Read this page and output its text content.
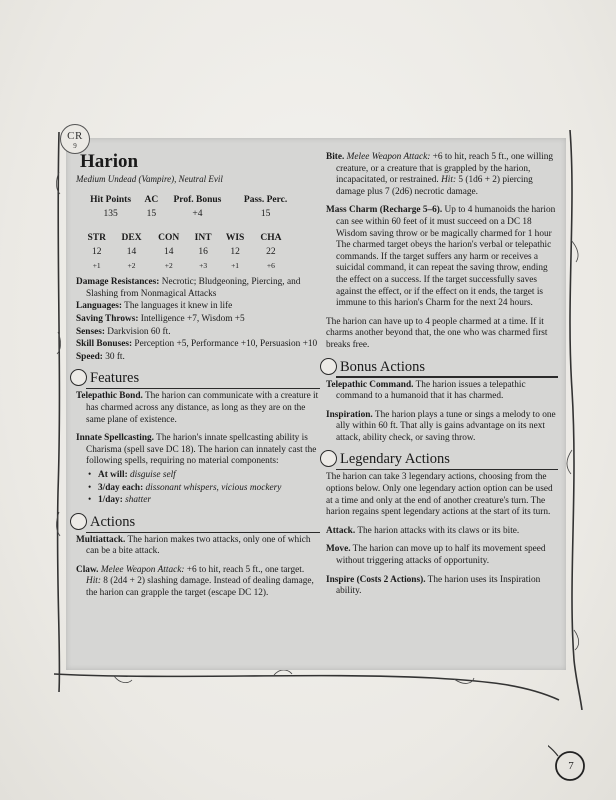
CR
9
Harion
Medium Undead (Vampire), Neutral Evil
Hit Points	AC	Prof. Bonus	Pass. Perc.
135	15	+4	15
STR	DEX	CON	INT	WIS	CHA
12	14	14	16	12	22
+1	+2	+2	+3	+1	+6
Damage Resistances: Necrotic; Bludgeoning, Piercing, and Slashing from Nonmagical Attacks
Languages: The languages it knew in life
Saving Throws: Intelligence +7, Wisdom +5
Senses: Darkvision 60 ft.
Skill Bonuses: Perception +5, Performance +10, Persuasion +10
Speed: 30 ft.
Features
Telepathic Bond. The harion can communicate with a creature it has charmed across any distance, as long as they are on the same plane of existence.
Innate Spellcasting. The harion's innate spellcasting ability is Charisma (spell save DC 18). The harion can innately cast the following spells, requiring no material components:
• At will: disguise self
• 3/day each: dissonant whispers, vicious mockery
• 1/day: shatter
Actions
Multiattack. The harion makes two attacks, only one of which can be a bite attack.
Claw. Melee Weapon Attack: +6 to hit, reach 5 ft., one target. Hit: 8 (2d4 + 2) slashing damage. Instead of dealing damage, the harion can grapple the target (escape DC 12).
Bite. Melee Weapon Attack: +6 to hit, reach 5 ft., one willing creature, or a creature that is grappled by the harion, incapacitated, or restrained. Hit: 5 (1d6 + 2) piercing damage plus 7 (2d6) necrotic damage.
Mass Charm (Recharge 5–6). Up to 4 humanoids the harion can see within 60 feet of it must succeed on a DC 18 Wisdom saving throw or be magically charmed for 1 hour The charmed target obeys the harion's verbal or telepathic commands. If the target suffers any harm or receives a suicidal command, it can repeat the saving throw, ending the effect on a success. If the target successfully saves against the effect, or if the effect on it ends, the target is immune to this harion's Charm for the next 24 hours.
The harion can have up to 4 people charmed at a time. If it charms another beyond that, the one who was charmed first breaks free.
Bonus Actions
Telepathic Command. The harion issues a telepathic command to a humanoid that it has charmed.
Inspiration. The harion plays a tune or sings a melody to one ally within 60 ft. That ally is gains advantage on its next attack, ability check, or saving throw.
Legendary Actions
The harion can take 3 legendary actions, choosing from the options below. Only one legendary action option can be used at a time and only at the end of another creature's turn. The harion regains spent legendary actions at the start of its turn.
Attack. The harion attacks with its claws or its bite.
Move. The harion can move up to half its movement speed without triggering attacks of opportunity.
Inspire (Costs 2 Actions). The harion uses its Inspiration ability.
7
